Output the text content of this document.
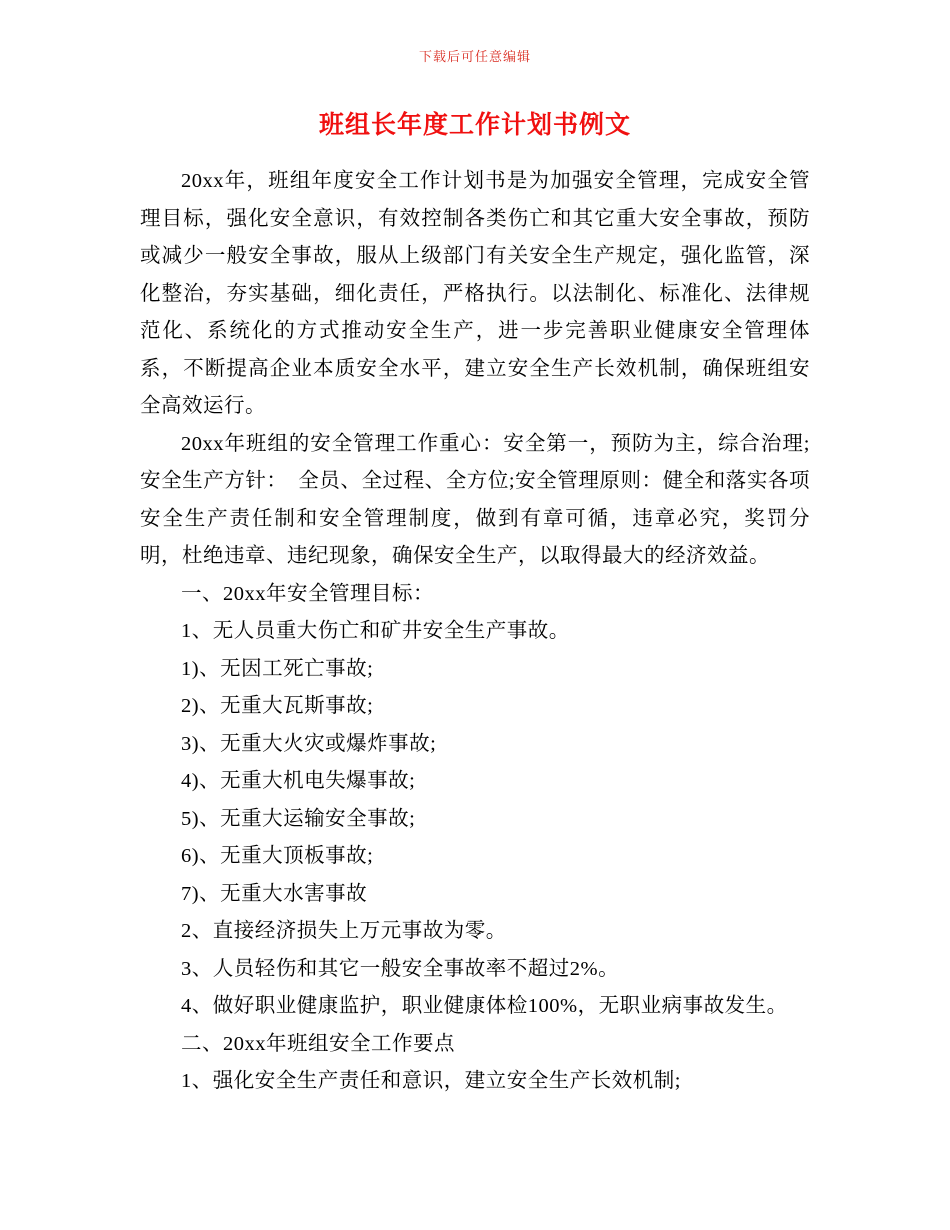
下载后可任意编辑
班组长年度工作计划书例文

20xx年，班组年度安全工作计划书是为加强安全管理，完成安全管理目标，强化安全意识，有效控制各类伤亡和其它重大安全事故，预防或减少一般安全事故，服从上级部门有关安全生产规定，强化监管，深化整治，夯实基础，细化责任，严格执行。以法制化、标准化、法律规范化、系统化的方式推动安全生产，进一步完善职业健康安全管理体系，不断提高企业本质安全水平，建立安全生产长效机制，确保班组安全高效运行。

20xx年班组的安全管理工作重心：安全第一，预防为主，综合治理;安全生产方针：　全员、全过程、全方位;安全管理原则：健全和落实各项安全生产责任制和安全管理制度，做到有章可循，违章必究，奖罚分明，杜绝违章、违纪现象，确保安全生产，以取得最大的经济效益。

一、20xx年安全管理目标：

1、无人员重大伤亡和矿井安全生产事故。

1)、无因工死亡事故;

2)、无重大瓦斯事故;

3)、无重大火灾或爆炸事故;

4)、无重大机电失爆事故;

5)、无重大运输安全事故;

6)、无重大顶板事故;

7)、无重大水害事故

2、直接经济损失上万元事故为零。

3、人员轻伤和其它一般安全事故率不超过2%。

4、做好职业健康监护，职业健康体检100%，无职业病事故发生。

二、20xx年班组安全工作要点

1、强化安全生产责任和意识，建立安全生产长效机制;
